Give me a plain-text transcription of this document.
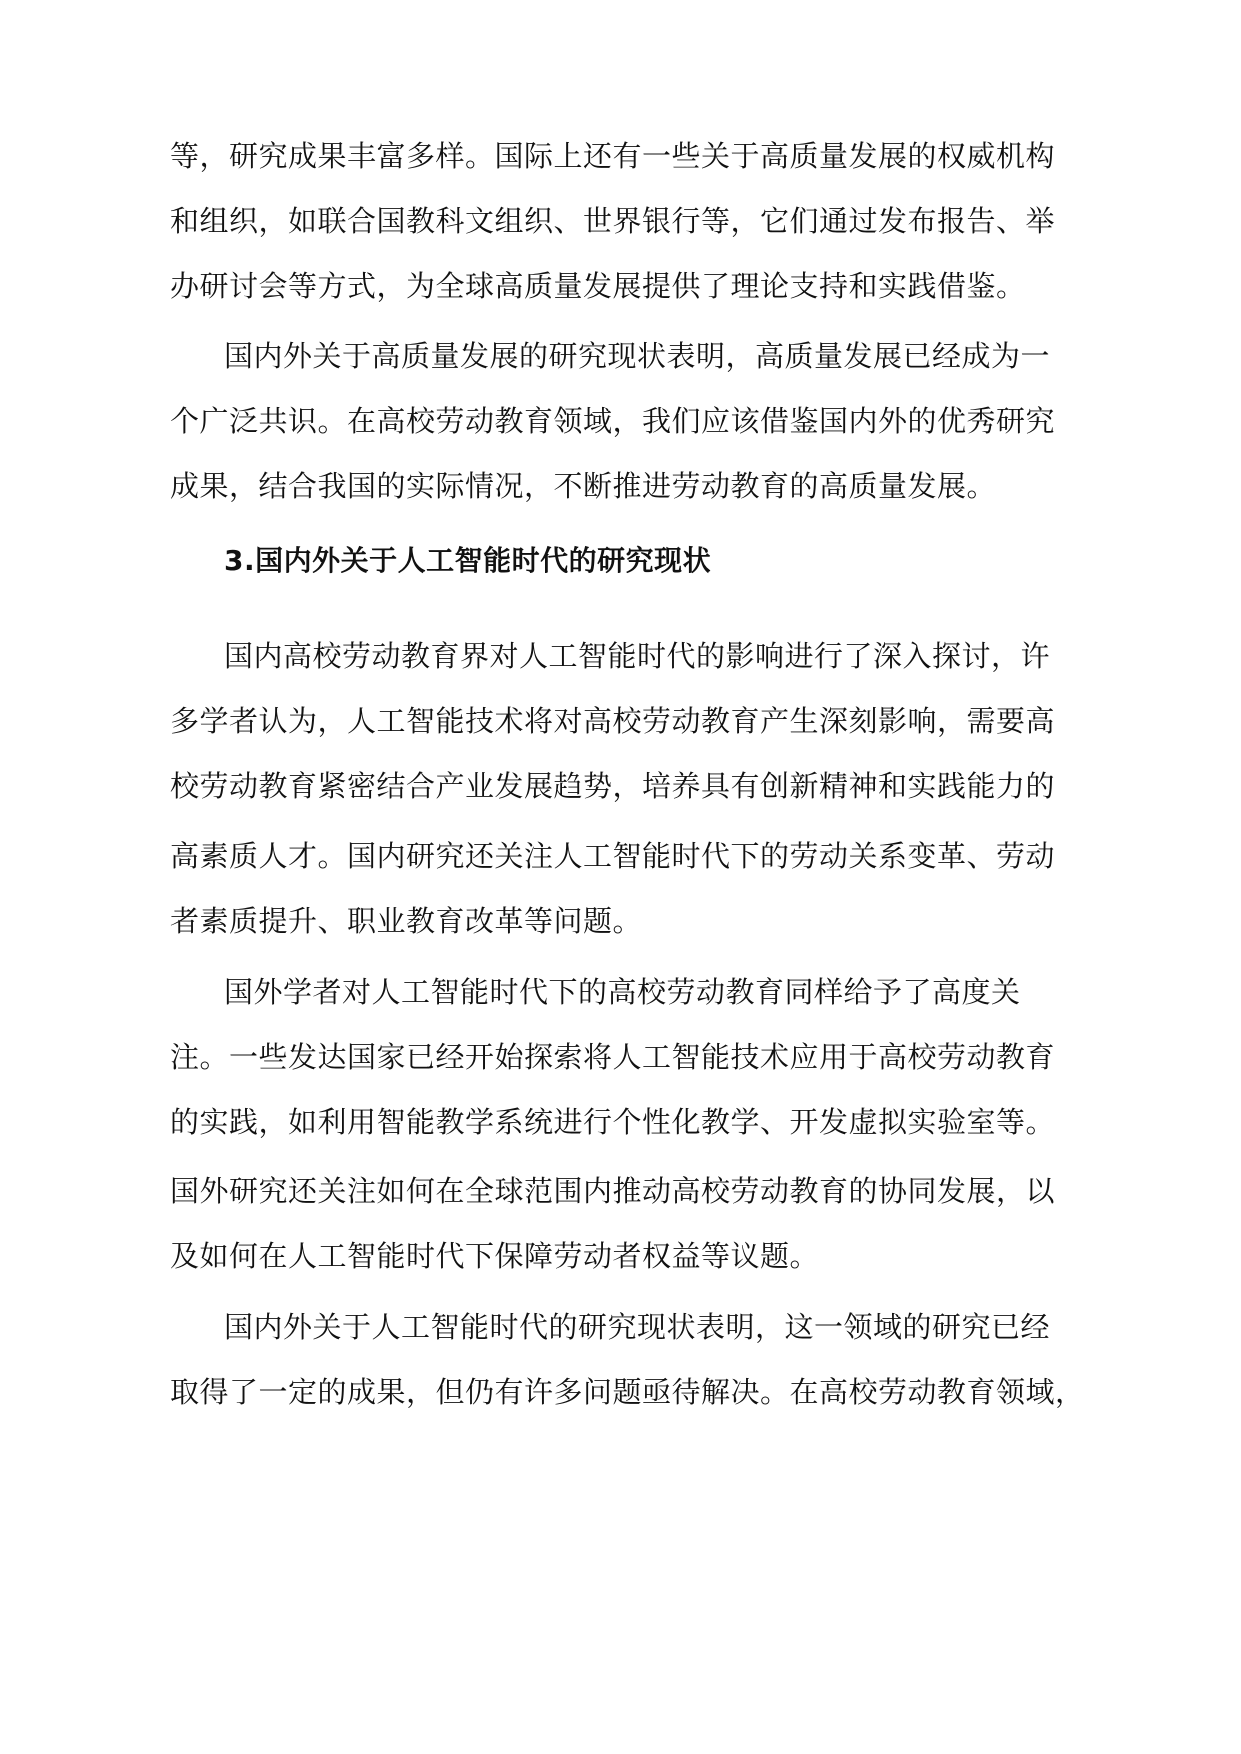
等，研究成果丰富多样。国际上还有一些关于高质量发展的权威机构
和组织，如联合国教科文组织、世界银行等，它们通过发布报告、举
办研讨会等方式，为全球高质量发展提供了理论支持和实践借鉴。
国内外关于高质量发展的研究现状表明，高质量发展已经成为一
个广泛共识。在高校劳动教育领域，我们应该借鉴国内外的优秀研究
成果，结合我国的实际情况，不断推进劳动教育的高质量发展。
3.国内外关于人工智能时代的研究现状
国内高校劳动教育界对人工智能时代的影响进行了深入探讨，许
多学者认为，人工智能技术将对高校劳动教育产生深刻影响，需要高
校劳动教育紧密结合产业发展趋势，培养具有创新精神和实践能力的
高素质人才。国内研究还关注人工智能时代下的劳动关系变革、劳动
者素质提升、职业教育改革等问题。
国外学者对人工智能时代下的高校劳动教育同样给予了高度关
注。一些发达国家已经开始探索将人工智能技术应用于高校劳动教育
的实践，如利用智能教学系统进行个性化教学、开发虚拟实验室等。
国外研究还关注如何在全球范围内推动高校劳动教育的协同发展，以
及如何在人工智能时代下保障劳动者权益等议题。
国内外关于人工智能时代的研究现状表明，这一领域的研究已经
取得了一定的成果，但仍有许多问题亟待解决。在高校劳动教育领域，
